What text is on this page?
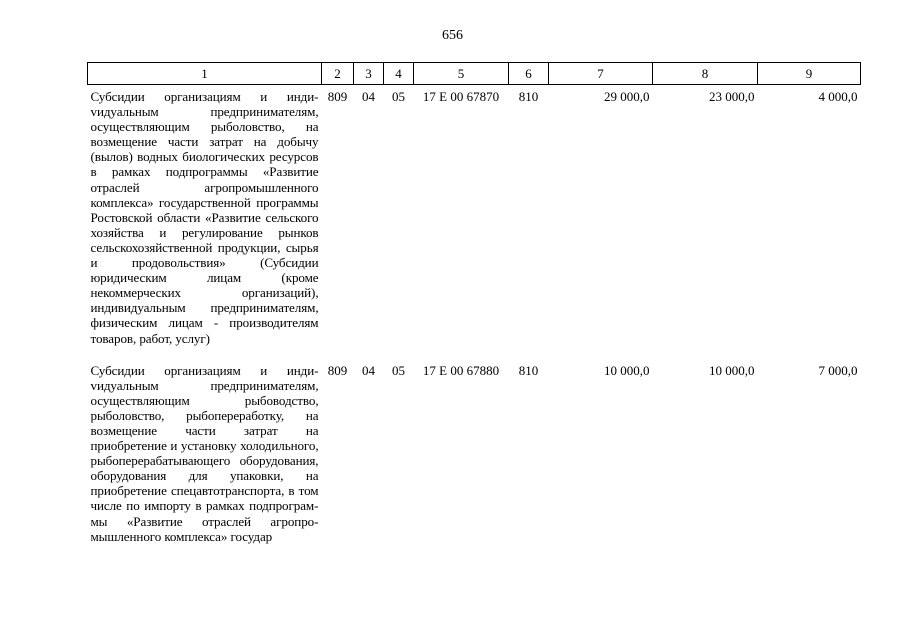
656
1	2	3	4	5	6	7	8	9
Субсидии организациям и индиvидуальным предпринимателям, осуществляющим рыболовство, на возмещение части затрат на добычу (вылов) водных биологических ресурсов в рамках подпрограммы «Развитие отраслей агропромышленного комплекса» государственной программы Ростовской области «Развитие сельского хозяйства и регулирование рынков сельскохозяйственной продукции, сырья и продовольствия» (Субсидии юридическим лицам (кроме некоммерческих организаций), индивидуальным предпринимателям, физическим лицам - производителям товаров, работ, услуг)	809	04	05	17 Е 00 67870	810	29 000,0	23 000,0	4 000,0
Субсидии организациям и индиvидуальным предпринимателям, осуществляющим рыбоводство, рыболовство, рыбопереработку, на возмещение части затрат на приобретение и установку холодильного, рыбоперерабатывающего оборудования, оборудования для упаковки, на приобретение спецавтотранспорта, в том числе по импорту в рамках подпрограммы «Развитие отраслей агропромышленного комплекса» государ	809	04	05	17 Е 00 67880	810	10 000,0	10 000,0	7 000,0
